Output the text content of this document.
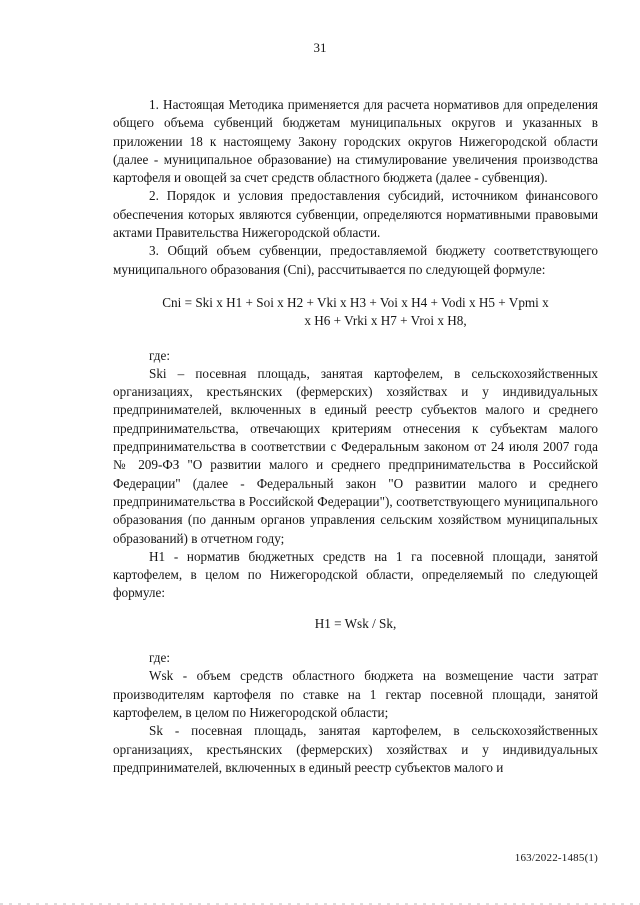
31

1. Настоящая Методика применяется для расчета нормативов для определения общего объема субвенций бюджетам муниципальных округов и указанных в приложении 18 к настоящему Закону городских округов Нижегородской области (далее - муниципальное образование) на стимулирование увеличения производства картофеля и овощей за счет средств областного бюджета (далее - субвенция).

2. Порядок и условия предоставления субсидий, источником финансового обеспечения которых являются субвенции, определяются нормативными правовыми актами Правительства Нижегородской области.

3. Общий объем субвенции, предоставляемой бюджету соответствующего муниципального образования (Cni), рассчитывается по следующей формуле:

Cni = Ski x H1 + Soi x H2 + Vki x H3 + Voi x H4 + Vodi x H5 + Vpmi x
x H6 + Vrki x H7 + Vroi x H8,

где:

Ski – посевная площадь, занятая картофелем, в сельскохозяйственных организациях, крестьянских (фермерских) хозяйствах и у индивидуальных предпринимателей, включенных в единый реестр субъектов малого и среднего предпринимательства, отвечающих критериям отнесения к субъектам малого предпринимательства в соответствии с Федеральным законом от 24 июля 2007 года № 209-ФЗ "О развитии малого и среднего предпринимательства в Российской Федерации" (далее - Федеральный закон "О развитии малого и среднего предпринимательства в Российской Федерации"), соответствующего муниципального образования (по данным органов управления сельским хозяйством муниципальных образований) в отчетном году;

H1 - норматив бюджетных средств на 1 га посевной площади, занятой картофелем, в целом по Нижегородской области, определяемый по следующей формуле:

H1 = Wsk / Sk,

где:

Wsk - объем средств областного бюджета на возмещение части затрат производителям картофеля по ставке на 1 гектар посевной площади, занятой картофелем, в целом по Нижегородской области;

Sk - посевная площадь, занятая картофелем, в сельскохозяйственных организациях, крестьянских (фермерских) хозяйствах и у индивидуальных предпринимателей, включенных в единый реестр субъектов малого и

163/2022-1485(1)
